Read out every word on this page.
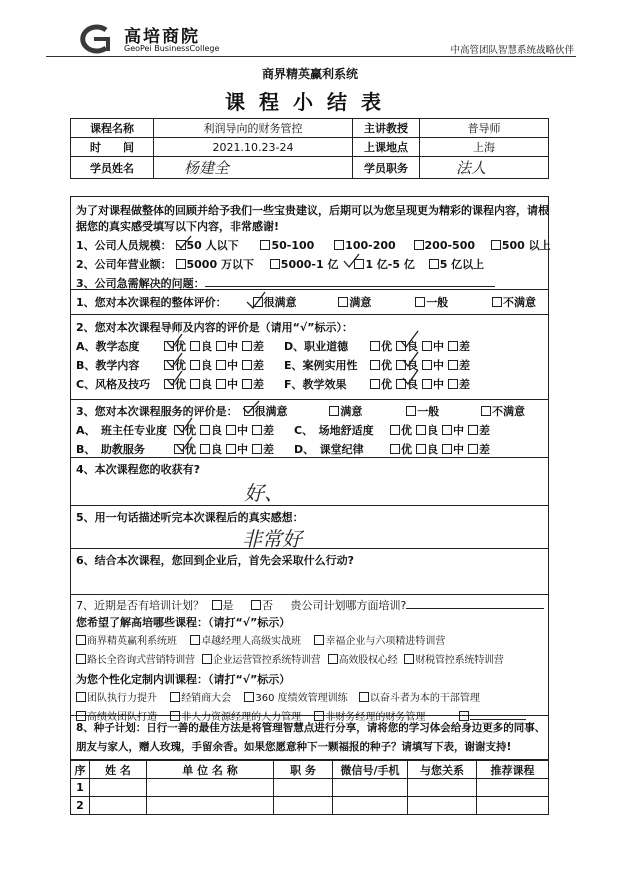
高培商院
GeoPei BusinessCollege	中高管团队智慧系统战略伙伴
商界精英赢利系统
课程小结表
课程名称	利润导向的财务管控	主讲教授	普导师
时　　间	2021.10.23-24	上课地点	上海
学员姓名	杨建全	学员职务	法人
为了对课程做整体的回顾并给予我们一些宝贵建议，后期可以为您呈现更为精彩的课程内容，请根
据您的真实感受填写以下内容，非常感谢!
1、公司人员规模： 50 人以下	50-100	100-200	200-500 500 以上
2、公司年营业额： 5000 万以下 5000-1 亿 1 亿-5 亿 5 亿以上
3、公司急需解决的问题：
1、您对本次课程的整体评价：	很满意	满意	一般	不满意
2、您对本次课程导师及内容的评价是（请用“√”标示）：
A、教学态度	优 良 中 差 D、职业道德	优 良 中 差
B、教学内容	优 良 中 差 E、案例实用性 优 良 中 差
C、风格及技巧 优 良 中 差 F、教学效果	优 良 中 差
3、您对本次课程服务的评价是： 很满意	满意	一般	不满意
A、　班主任专业度 优 良 中 差 C、　场地舒适度 优 良 中 差
B、　助教服务	优 良 中 差 D、　课堂纪律	优 良 中 差
4、本次课程您的收获有?
好、
5、用一句话描述听完本次课程后的真实感想：
非常好
6、结合本次课程，您回到企业后，首先会采取什么行动?
7、近期是否有培训计划？ 是	否 贵公司计划哪方面培训?
您希望了解高培哪些课程：（请打“√”标示）
商界精英赢利系统班 卓越经理人高级实战班 幸福企业与六项精进特训营
路长全咨询式营销特训营 企业运营管控系统特训营 高效股权心经 财税管控系统特训营
为您个性化定制内训课程：（请打“√”标示）
团队执行力提升 经销商大会 360 度绩效管理训练 以奋斗者为本的干部管理
高绩效团队打造 非人力资源经理的人力管理 非财务经理的财务管理
8、种子计划：日行一善的最佳方法是将管理智慧点进行分享，请将您的学习体会给身边更多的同事、
朋友与家人，赠人玫瑰，手留余香。如果您愿意种下一颗福报的种子？请填写下表，谢谢支持!
序	姓 名	单 位 名 称	职 务	微信号/手机	与您关系	推荐课程
1						
2						
